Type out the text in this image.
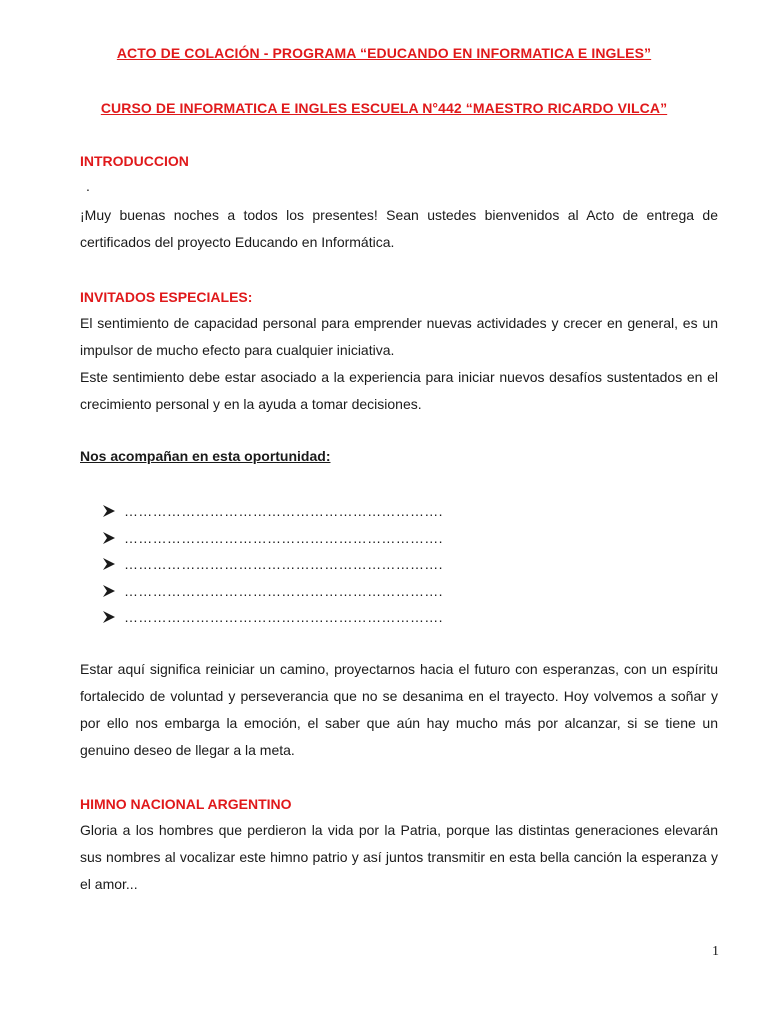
ACTO DE COLACIÓN - PROGRAMA “EDUCANDO EN INFORMATICA E INGLES”
CURSO DE INFORMATICA E INGLES ESCUELA N°442 “MAESTRO RICARDO VILCA”
INTRODUCCION
.

¡Muy buenas noches a todos los presentes! Sean ustedes bienvenidos al Acto de entrega de certificados del proyecto Educando en Informática.

INVITADOS ESPECIALES:

El sentimiento de capacidad personal para emprender nuevas actividades y crecer en general, es un impulsor de mucho efecto para cualquier iniciativa.

Este sentimiento debe estar asociado a la experiencia para iniciar nuevos desafíos sustentados en el crecimiento personal y en la ayuda a tomar decisiones.

Nos acompañan en esta oportunidad:
………………………………………………………….
………………………………………………………….
………………………………………………………….
………………………………………………………….
………………………………………………………….

Estar aquí significa reiniciar un camino, proyectarnos hacia el futuro con esperanzas, con un espíritu fortalecido de voluntad y perseverancia que no se desanima en el trayecto. Hoy volvemos a soñar y por ello nos embarga la emoción, el saber que aún hay mucho más por alcanzar, si se tiene un genuino deseo de llegar a la meta.

HIMNO NACIONAL ARGENTINO

Gloria a los hombres que perdieron la vida por la Patria, porque las distintas generaciones elevarán sus nombres al vocalizar este himno patrio y así juntos transmitir en esta bella canción la esperanza y el amor...

1
